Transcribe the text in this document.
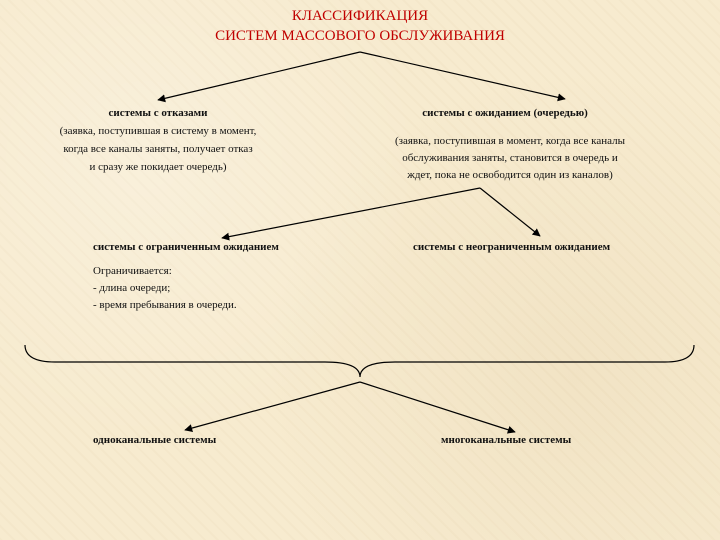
КЛАССИФИКАЦИЯ
СИСТЕМ МАССОВОГО ОБСЛУЖИВАНИЯ
системы с отказами
(заявка, поступившая в систему в момент,
когда все каналы заняты, получает отказ
и сразу же покидает очередь)
системы с ожиданием (очередью)
(заявка, поступившая в момент, когда все каналы
обслуживания заняты, становится в очередь и
ждет, пока не освободится один из каналов)
системы с ограниченным ожиданием
Ограничивается:
- длина очереди;
- время пребывания в очереди.
системы с неограниченным ожиданием
одноканальные системы	многоканальные системы
